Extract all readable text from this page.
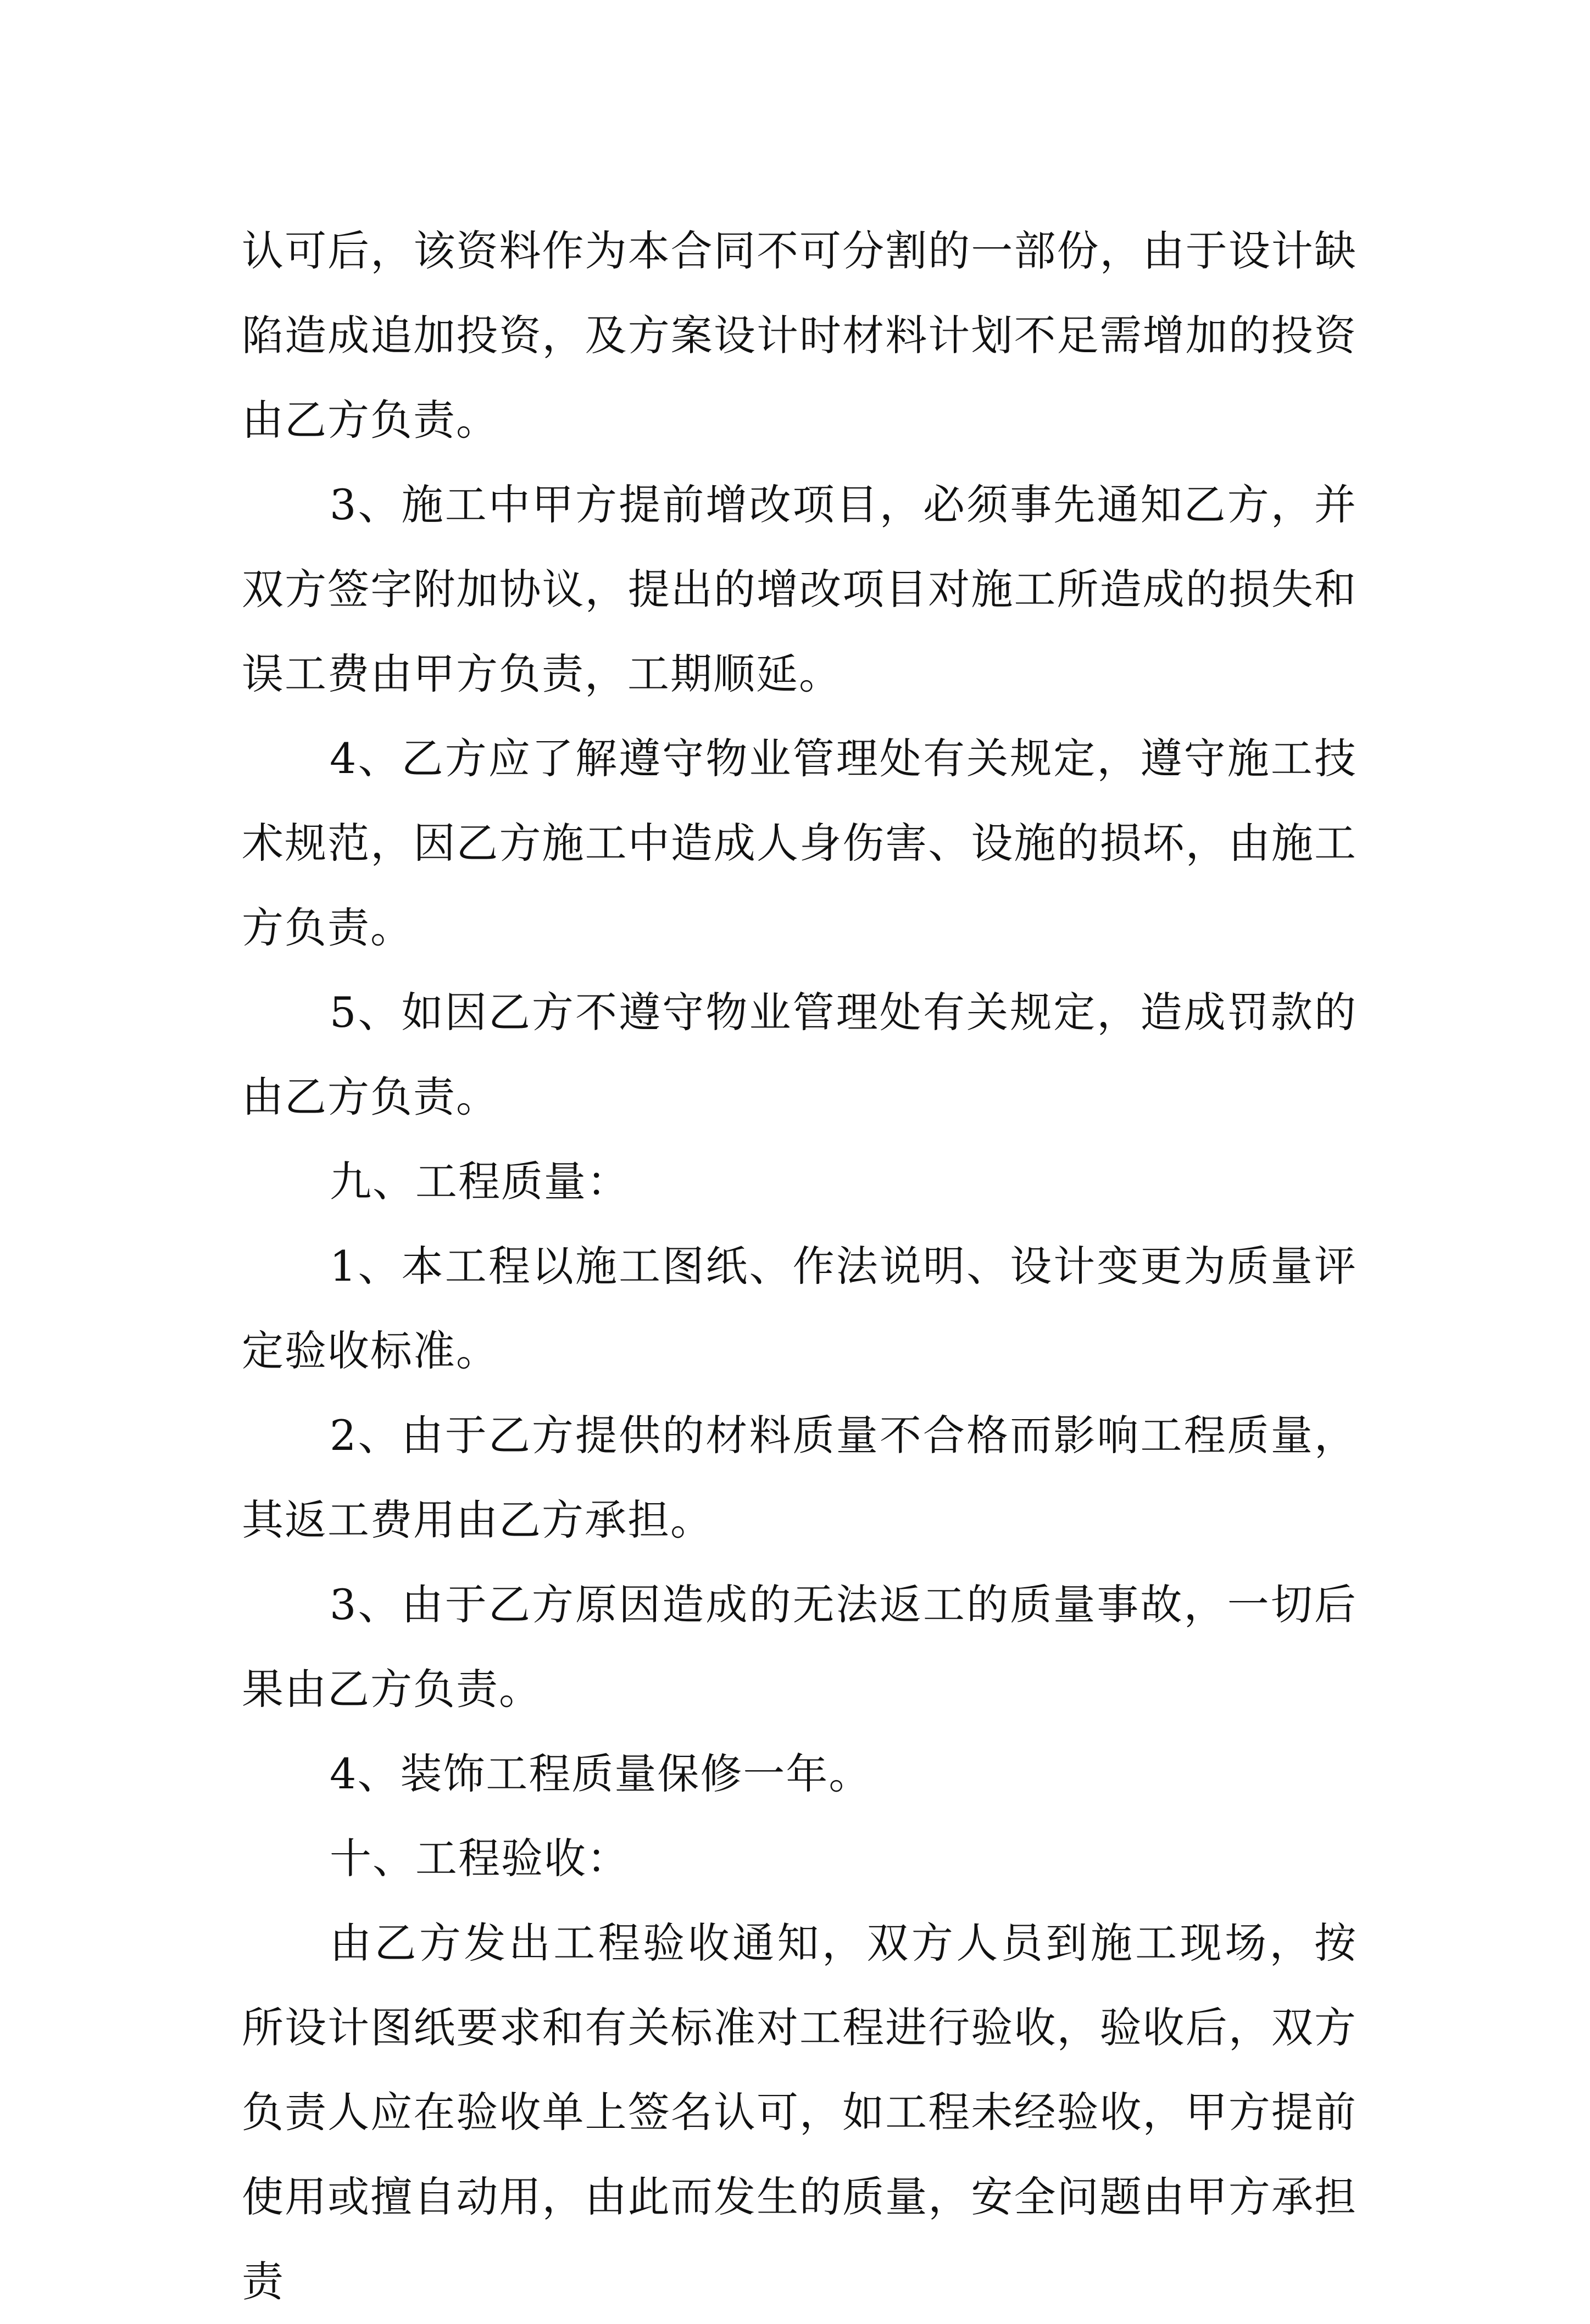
认可后，该资料作为本合同不可分割的一部份，由于设计缺陷造成追加投资，及方案设计时材料计划不足需增加的投资由乙方负责。

3、施工中甲方提前增改项目，必须事先通知乙方，并双方签字附加协议，提出的增改项目对施工所造成的损失和误工费由甲方负责，工期顺延。

4、乙方应了解遵守物业管理处有关规定，遵守施工技术规范，因乙方施工中造成人身伤害、设施的损坏，由施工方负责。

5、如因乙方不遵守物业管理处有关规定，造成罚款的由乙方负责。

九、工程质量：

1、本工程以施工图纸、作法说明、设计变更为质量评定验收标准。

2、由于乙方提供的材料质量不合格而影响工程质量，其返工费用由乙方承担。

3、由于乙方原因造成的无法返工的质量事故，一切后果由乙方负责。

4、装饰工程质量保修一年。

十、工程验收：

由乙方发出工程验收通知，双方人员到施工现场，按所设计图纸要求和有关标准对工程进行验收，验收后，双方负责人应在验收单上签名认可，如工程未经验收，甲方提前使用或擅自动用，由此而发生的质量，安全问题由甲方承担责
